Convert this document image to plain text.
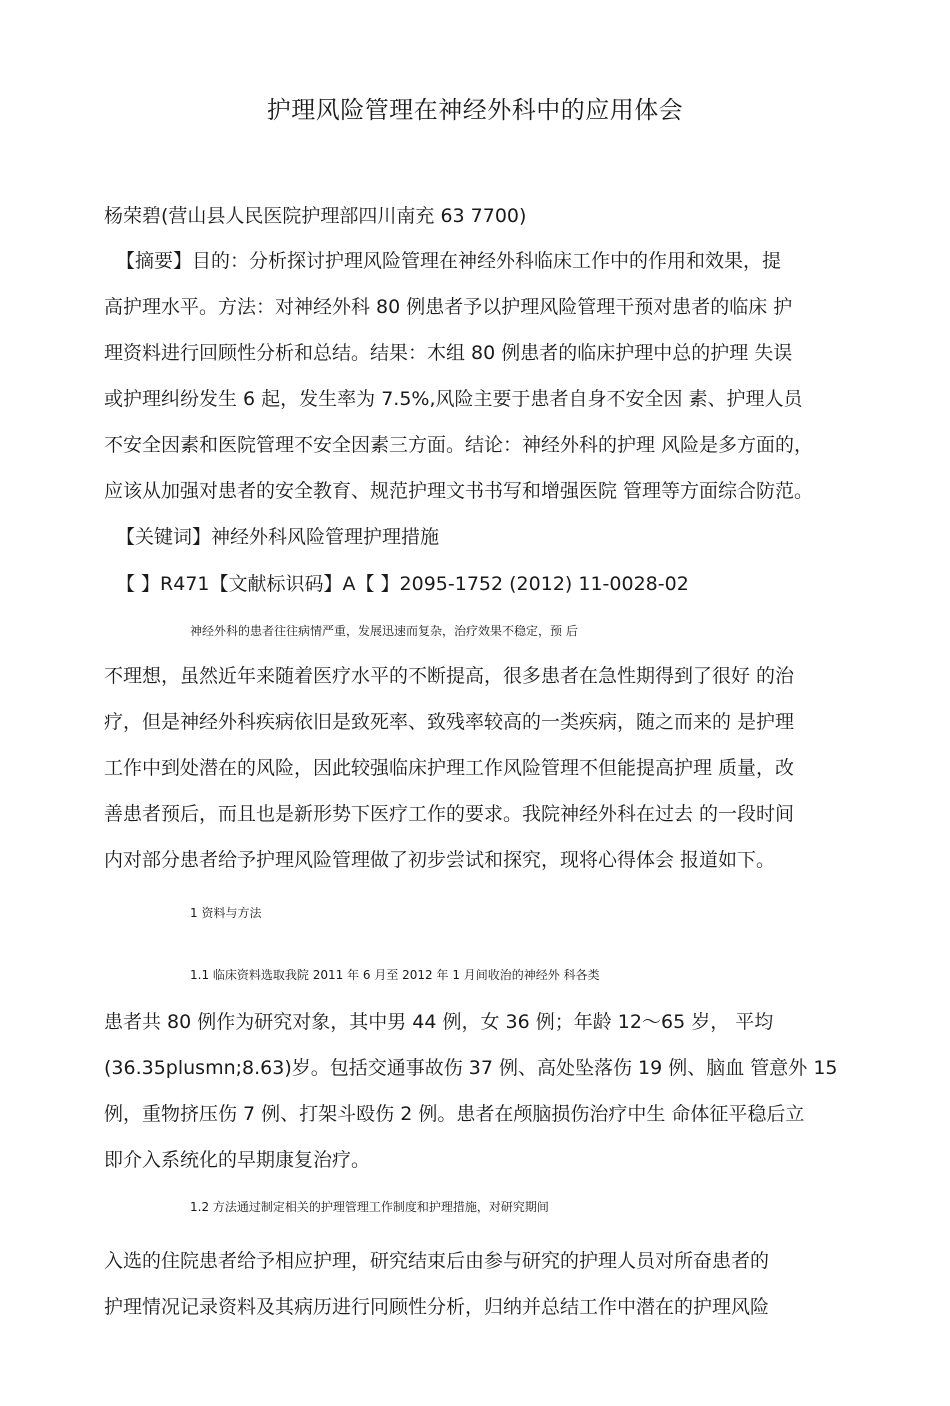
护理风险管理在神经外科中的应用体会
杨荣碧(营山县人民医院护理部四川南充 63 7700)
【摘要】目的：分析探讨护理风险管理在神经外科临床工作中的作用和效果，提
高护理水平。方法：对神经外科 80 例患者予以护理风险管理干预对患者的临床 护
理资料进行回顾性分析和总结。结果：木组 80 例患者的临床护理中总的护理 失误
或护理纠纷发生 6 起，发生率为 7.5%,风险主要于患者自身不安全因 素、护理人员
不安全因素和医院管理不安全因素三方面。结论：神经外科的护理 风险是多方面的，
应该从加强对患者的安全教育、规范护理文书书写和增强医院 管理等方面综合防范。
【关键词】神经外科风险管理护理措施
【 】R471【文献标识码】A【 】2095-1752 (2012) 11-0028-02
神经外科的患者往往病情严重，发展迅速而复杂，治疗效果不稳定，预 后
不理想，虽然近年来随着医疗水平的不断提高，很多患者在急性期得到了很好 的治
疗，但是神经外科疾病依旧是致死率、致残率较高的一类疾病，随之而来的 是护理
工作中到处潜在的风险，因此较强临床护理工作风险管理不但能提高护理 质量，改
善患者预后，而且也是新形势下医疗工作的要求。我院神经外科在过去 的一段时间
内对部分患者给予护理风险管理做了初步尝试和探究，现将心得体会 报道如下。
1 资料与方法
1.1 临床资料选取我院 2011 年 6 月至 2012 年 1 月间收治的神经外 科各类
患者共 80 例作为研究对象，其中男 44 例，女 36 例；年龄 12〜65 岁， 平均
(36.35plusmn;8.63)岁。包括交通事故伤 37 例、高处坠落伤 19 例、脑血 管意外 15
例，重物挤压伤 7 例、打架斗殴伤 2 例。患者在颅脑损伤治疗中生 命体征平稳后立
即介入系统化的早期康复治疗。
1.2 方法通过制定相关的护理管理工作制度和护理措施，对研究期间
入选的住院患者给予相应护理，研究结束后由参与研究的护理人员对所奋患者的
护理情况记录资料及其病历进行冋顾性分析，归纳并总结工作中潜在的护理风险
